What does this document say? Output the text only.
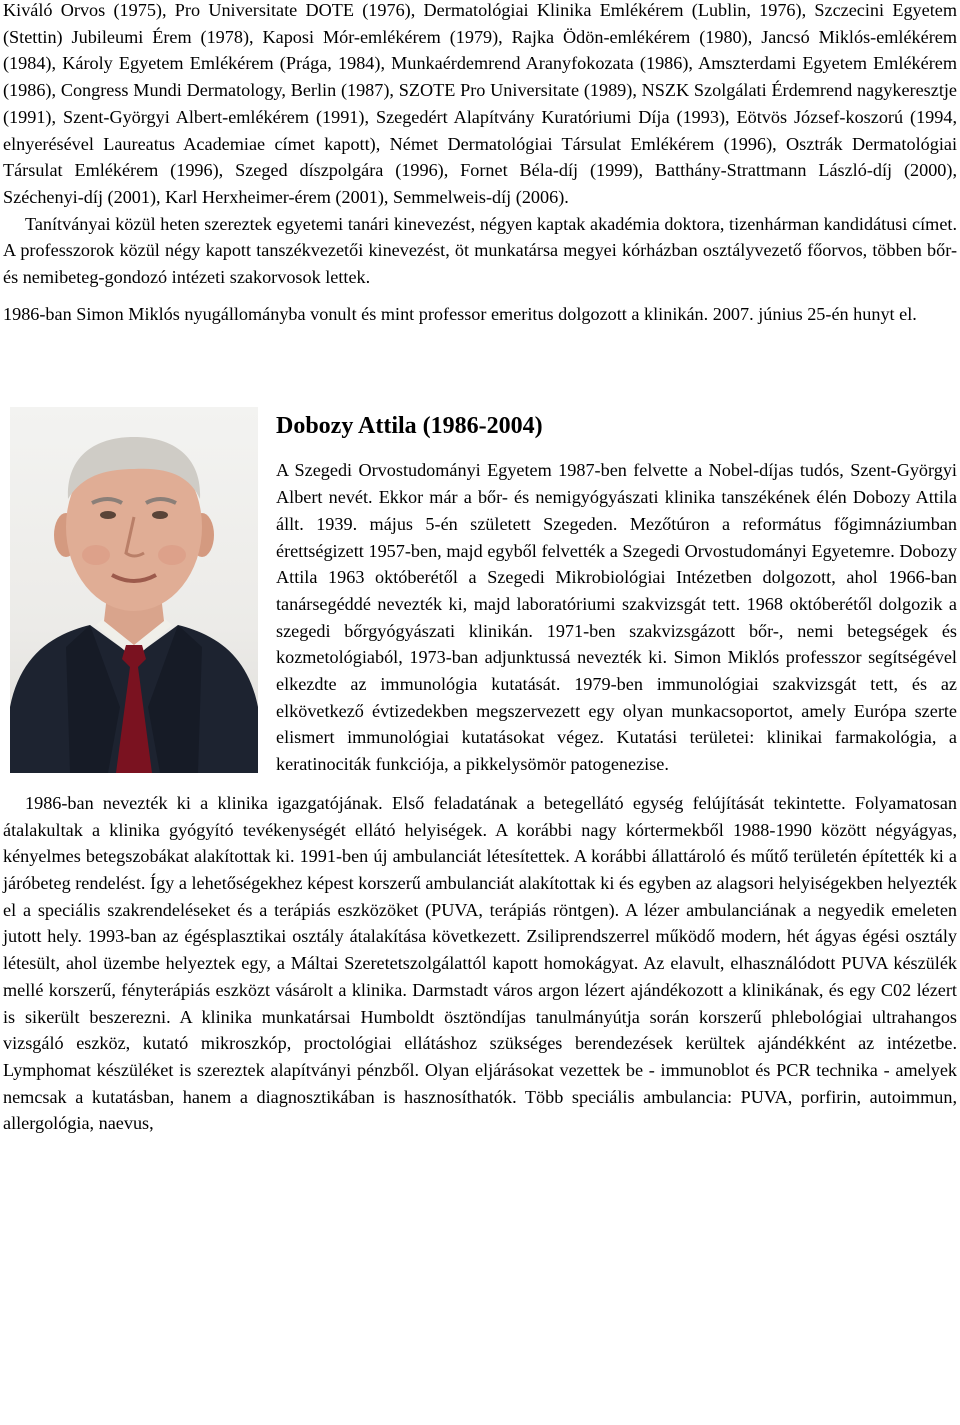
Kiváló Orvos (1975), Pro Universitate DOTE (1976), Dermatológiai Klinika Emlékérem (Lublin, 1976), Szczecini Egyetem (Stettin) Jubileumi Érem (1978), Kaposi Mór-emlékérem (1979), Rajka Ödön-emlékérem (1980), Jancsó Miklós-emlékérem (1984), Károly Egyetem Emlékérem (Prága, 1984), Munkaérdemrend Aranyfokozata (1986), Amszterdami Egyetem Emlékérem (1986), Congress Mundi Dermatology, Berlin (1987), SZOTE Pro Universitate (1989), NSZK Szolgálati Érdemrend nagykeresztje (1991), Szent-Györgyi Albert-emlékérem (1991), Szegedért Alapítvány Kuratóriumi Díja (1993), Eötvös József-koszorú (1994, elnyerésével Laureatus Academiae címet kapott), Német Dermatológiai Társulat Emlékérem (1996), Osztrák Dermatológiai Társulat Emlékérem (1996), Szeged díszpolgára (1996), Fornet Béla-díj (1999), Batthány-Strattmann László-díj (2000), Széchenyi-díj (2001), Karl Herxheimer-érem (2001), Semmelweis-díj (2006).

Tanítványai közül heten szereztek egyetemi tanári kinevezést, négyen kaptak akadémia doktora, tizenhárman kandidátusi címet. A professzorok közül négy kapott tanszékvezetői kinevezést, öt munkatársa megyei kórházban osztályvezető főorvos, többen bőr- és nemibeteg-gondozó intézeti szakorvosok lettek.

1986-ban Simon Miklós nyugállományba vonult és mint professor emeritus dolgozott a klinikán. 2007. június 25-én hunyt el.

Dobozy Attila (1986-2004)

A Szegedi Orvostudományi Egyetem 1987-ben felvette a Nobel-díjas tudós, Szent-Györgyi Albert nevét. Ekkor már a bőr- és nemigyógyászati klinika tanszékének élén Dobozy Attila állt. 1939. május 5-én született Szegeden. Mezőtúron a református főgimnáziumban érettségizett 1957-ben, majd egyből felvették a Szegedi Orvostudományi Egyetemre. Dobozy Attila 1963 októberétől a Szegedi Mikrobiológiai Intézetben dolgozott, ahol 1966-ban tanársegéddé nevezték ki, majd laboratóriumi szakvizsgát tett. 1968 októberétől dolgozik a szegedi bőrgyógyászati klinikán. 1971-ben szakvizsgázott bőr-, nemi betegségek és kozmetológiaból, 1973-ban adjunktussá nevezték ki. Simon Miklós professzor segítségével elkezdte az immunológia kutatását. 1979-ben immunológiai szakvizsgát tett, és az elkövetkező évtizedekben megszervezett egy olyan munkacsoportot, amely Európa szerte elismert immunológiai kutatásokat végez. Kutatási területei: klinikai farmakológia, a keratinociták funkciója, a pikkelysömör patogenezise.

1986-ban nevezték ki a klinika igazgatójának. Első feladatának a betegellátó egység felújítását tekintette. Folyamatosan átalakultak a klinika gyógyító tevékenységét ellátó helyiségek. A korábbi nagy kórtermekből 1988-1990 között négyágyas, kényelmes betegszobákat alakítottak ki. 1991-ben új ambulanciát létesítettek. A korábbi állattároló és műtő területén építették ki a járóbeteg rendelést. Így a lehetőségekhez képest korszerű ambulanciát alakítottak ki és egyben az alagsori helyiségekben helyezték el a speciális szakrendeléseket és a terápiás eszközöket (PUVA, terápiás röntgen). A lézer ambulanciának a negyedik emeleten jutott hely. 1993-ban az égésplasztikai osztály átalakítása következett. Zsiliprendszerrel működő modern, hét ágyas égési osztály létesült, ahol üzembe helyeztek egy, a Máltai Szeretetszolgálattól kapott homokágyat. Az elavult, elhasználódott PUVA készülék mellé korszerű, fényterápiás eszközt vásárolt a klinika. Darmstadt város argon lézert ajándékozott a klinikának, és egy C02 lézert is sikerült beszerezni. A klinika munkatársai Humboldt ösztöndíjas tanulmányútja során korszerű phlebológiai ultrahangos vizsgáló eszköz, kutató mikroszkóp, proctológiai ellátáshoz szükséges berendezések kerültek ajándékként az intézetbe. Lymphomat készüléket is szereztek alapítványi pénzből. Olyan eljárásokat vezettek be - immunoblot és PCR technika - amelyek nemcsak a kutatásban, hanem a diagnosztikában is hasznosíthatók. Több speciális ambulancia: PUVA, porfirin, autoimmun, allergológia, naevus,
